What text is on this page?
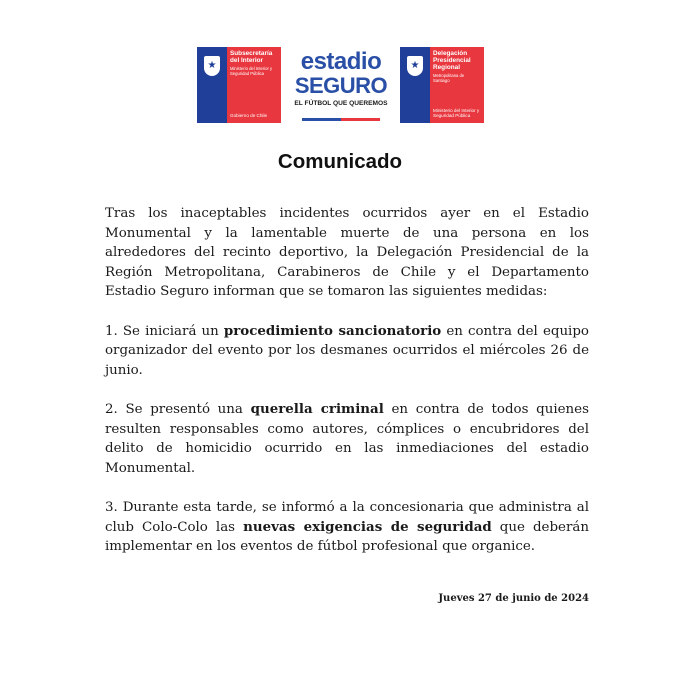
★
Subsecretaría del Interior
Ministerio del Interior y Seguridad Pública
Gobierno de Chile
estadio
SEGURO
EL FÚTBOL QUE QUEREMOS
★
Delegación Presidencial Regional
Metropolitana de Santiago
Ministerio del Interior y Seguridad Pública
Comunicado

Tras los inaceptables incidentes ocurridos ayer en el Estadio Monumental y la lamentable muerte de una persona en los alrededores del recinto deportivo, la Delegación Presidencial de la Región Metropolitana, Carabineros de Chile y el Departamento Estadio Seguro informan que se tomaron las siguientes medidas:

1. Se iniciará un procedimiento sancionatorio en contra del equipo organizador del evento por los desmanes ocurridos el miércoles 26 de junio.

2. Se presentó una querella criminal en contra de todos quienes resulten responsables como autores, cómplices o encubridores del delito de homicidio ocurrido en las inmediaciones del estadio Monumental.

3. Durante esta tarde, se informó a la concesionaria que administra al club Colo-Colo las nuevas exigencias de seguridad que deberán implementar en los eventos de fútbol profesional que organice.

Jueves 27 de junio de 2024
